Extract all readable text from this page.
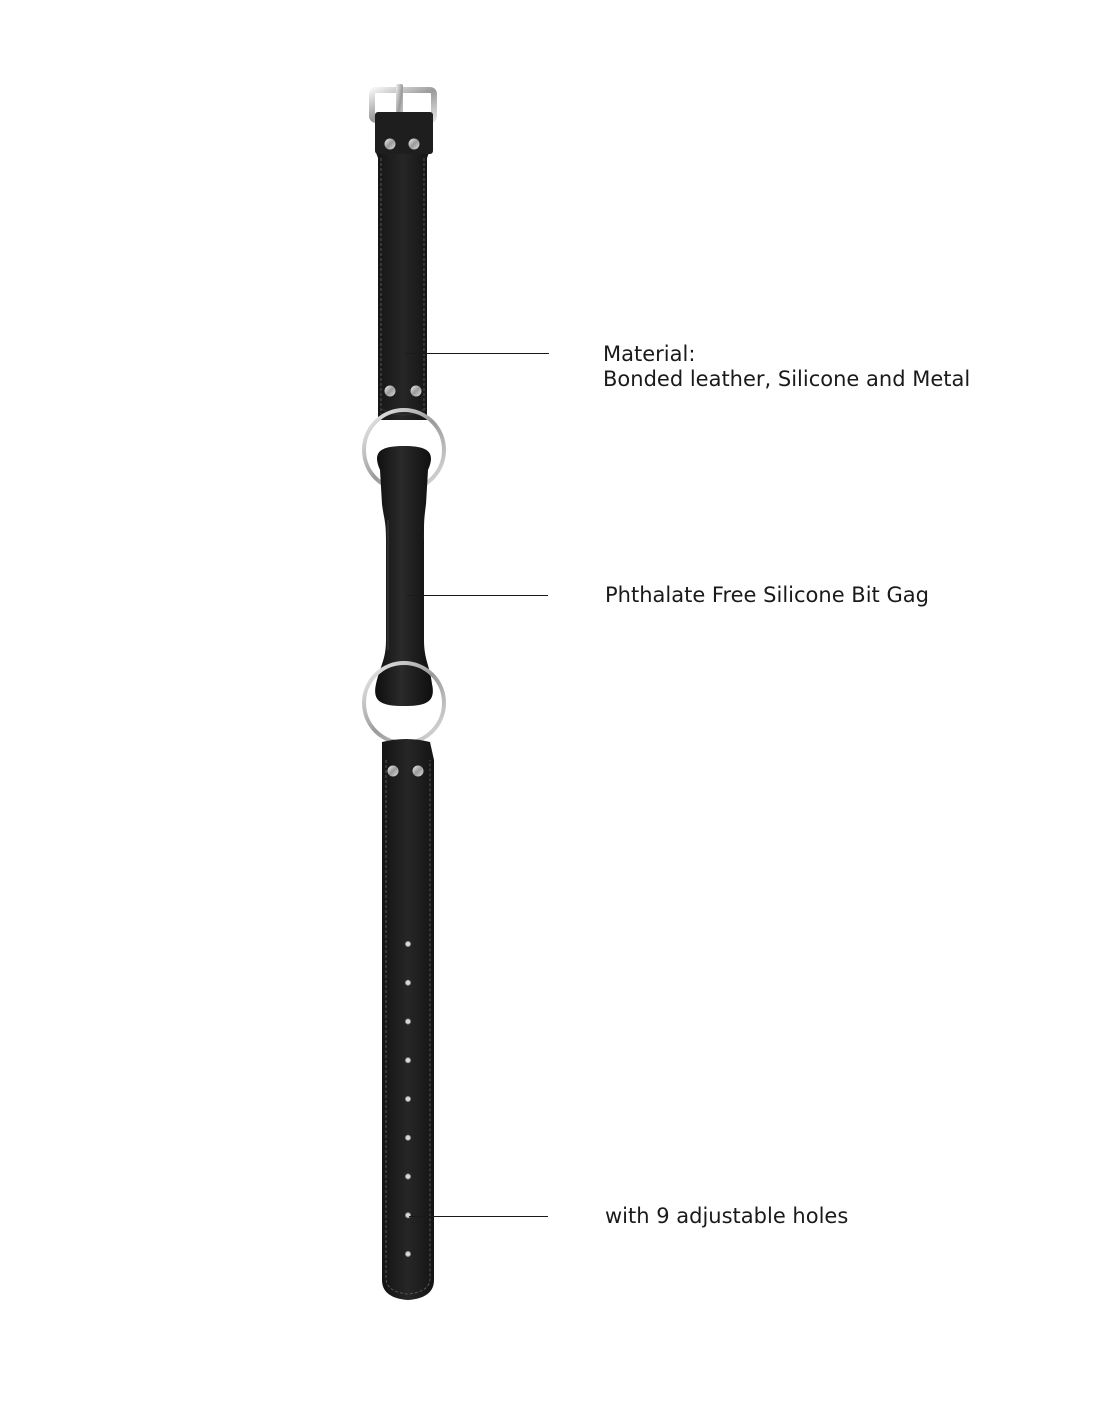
Material:
Bonded leather, Silicone and Metal
Phthalate Free Silicone Bit Gag
with 9 adjustable holes
